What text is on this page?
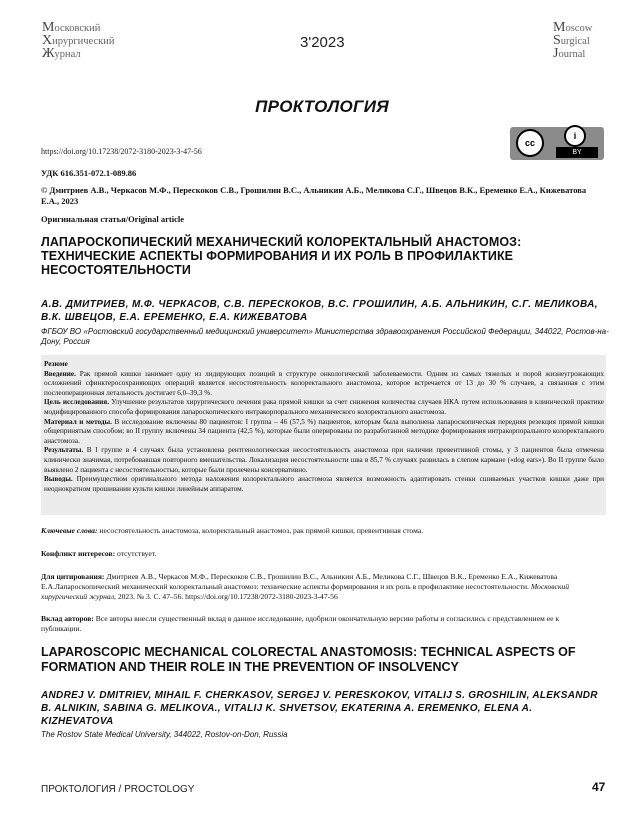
Московский
Хирургический
Журнал
3'2023
Moscow
Surgical
Journal
ПРОКТОЛОГИЯ
cc
i
BY
https://doi.org/10.17238/2072-3180-2023-3-47-56
УДК 616.351-072.1-089.86
© Дмитриев А.В., Черкасов М.Ф., Перескоков С.В., Грошилин В.С., Альникин А.Б., Меликова С.Г., Швецов В.К., Еременко Е.А., Кижеватова Е.А., 2023
Оригинальная статья/Original article
ЛАПАРОСКОПИЧЕСКИЙ МЕХАНИЧЕСКИЙ КОЛОРЕКТАЛЬНЫЙ АНАСТОМОЗ: ТЕХНИЧЕСКИЕ АСПЕКТЫ ФОРМИРОВАНИЯ И ИХ РОЛЬ В ПРОФИЛАКТИКЕ НЕСОСТОЯТЕЛЬНОСТИ
А.В. ДМИТРИЕВ, М.Ф. ЧЕРКАСОВ, С.В. ПЕРЕСКОКОВ, В.С. ГРОШИЛИН, А.Б. АЛЬНИКИН, С.Г. МЕЛИКОВА, В.К. ШВЕЦОВ, Е.А. ЕРЕМЕНКО, Е.А. КИЖЕВАТОВА
ФГБОУ ВО «Ростовский государственный медицинский университет» Министерства здравоохранения Российской Федерации, 344022, Ростов-на-Дону, Россия
Резюме
Введение. Рак прямой кишки занимает одну из лидирующих позиций в структуре онкологической заболеваемости. Одним из самых тяжелых и порой жизнеугрожающих осложнений сфинктеросохраняющих операций является несостоятельность колоректального анастомоза, которое встречается от 13 до 30 % случаев, а связанная с этим послеоперационная летальность достигает 6,0–39,3 %.
Цель исследования. Улучшение результатов хирургического лечения рака прямой кишки за счет снижения количества случаев НКА путем использования в клинической практике модифицированного способа формирования лапароскопического интракорпорального механического колоректального анастомоза.
Материал и методы. В исследование включены 80 пациентов: I группа – 46 (57,5 %) пациентов, которым была выполнена лапароскопическая передняя резекция прямой кишки общепринятым способом; во II группу включены 34 пациента (42,5 %), которые были оперированы по разработанной методике формирования интракорпорального колоректального анастомоза.
Результаты. В I группе в 4 случаях была установлена рентгенологическая несостоятельность анастомоза при наличии превентивной стомы, у 3 пациентов была отмечена клинически значимая, потребовавшая повторного вмешательства. Локализация несостоятельности шва в 85,7 % случаях развилась в слепом кармане («dog ears»). Во II группе было выявлено 2 пациента с несостоятельностью, которые были пролечены консервативно.
Выводы. Преимуществом оригинального метода наложения колоректального анастомоза является возможность адаптировать стенки сшиваемых участков кишки даже при неоднократном прошивании культи кишки линейным аппаратом.
Ключевые слова: несостоятельность анастомоза, колоректальный анастомоз, рак прямой кишки, превентивная стома.
Конфликт интересов: отсутствует.
Для цитирования: Дмитриев А.В., Черкасов М.Ф., Перескоков С.В., Грошилин В.С., Альникин А.Б., Меликова С.Г., Швецов В.К., Еременко Е.А., Кижеватова Е.А.Лапароскопический механический колоректальный анастомоз: технические аспекты формирования и их роль в профилактике несостоятельности. Московский хирургический журнал, 2023. № 3. С. 47–56. https://doi.org/10.17238/2072-3180-2023-3-47-56
Вклад авторов: Все авторы внесли существенный вклад в данное исследование, одобрили окончательную версию работы и согласились с представлением ее к публикации.
LAPAROSCOPIC MECHANICAL COLORECTAL ANASTOMOSIS: TECHNICAL ASPECTS OF FORMATION AND THEIR ROLE IN THE PREVENTION OF INSOLVENCY
ANDREJ V. DMITRIEV, MIHAIL F. CHERKASOV, SERGEJ V. PERESKOKOV, VITALIJ S. GROSHILIN, ALEKSANDR B. ALNIKIN, SABINA G. MELIKOVA., VITALIJ K. SHVETSOV, EKATERINA A. EREMENKO, ELENA A. KIZHEVATOVA
The Rostov State Medical University, 344022, Rostov-on-Don, Russia
ПРОКТОЛОГИЯ / PROCTOLOGY	47
